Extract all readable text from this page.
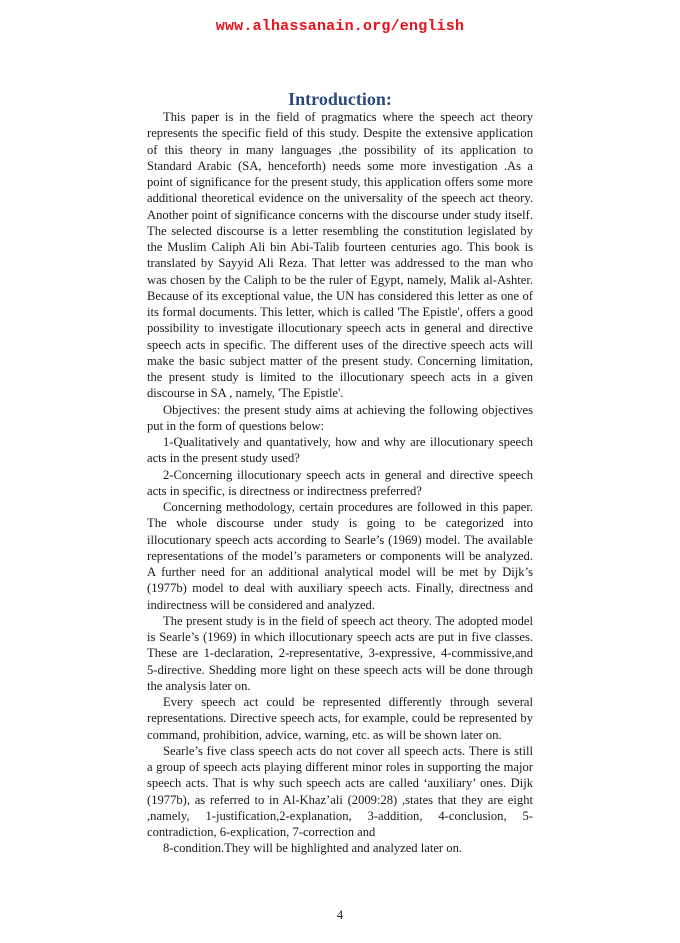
www.alhassanain.org/english
Introduction:

This paper is in the field of pragmatics where the speech act theory represents the specific field of this study. Despite the extensive application of this theory in many languages ,the possibility of its application to Standard Arabic (SA, henceforth) needs some more investigation .As a point of significance for the present study, this application offers some more additional theoretical evidence on the universality of the speech act theory. Another point of significance concerns with the discourse under study itself. The selected discourse is a letter resembling the constitution legislated by the Muslim Caliph Ali bin Abi-Talib fourteen centuries ago. This book is translated by Sayyid Ali Reza. That letter was addressed to the man who was chosen by the Caliph to be the ruler of Egypt, namely, Malik al-Ashter. Because of its exceptional value, the UN has considered this letter as one of its formal documents. This letter, which is called 'The Epistle', offers a good possibility to investigate illocutionary speech acts in general and directive speech acts in specific. The different uses of the directive speech acts will make the basic subject matter of the present study. Concerning limitation, the present study is limited to the illocutionary speech acts in a given discourse in SA , namely, 'The Epistle'.

Objectives: the present study aims at achieving the following objectives put in the form of questions below:

1-Qualitatively and quantatively, how and why are illocutionary speech acts in the present study used?

2-Concerning illocutionary speech acts in general and directive speech acts in specific, is directness or indirectness preferred?

Concerning methodology, certain procedures are followed in this paper. The whole discourse under study is going to be categorized into illocutionary speech acts according to Searle’s (1969) model. The available representations of the model’s parameters or components will be analyzed. A further need for an additional analytical model will be met by Dijk’s (1977b) model to deal with auxiliary speech acts. Finally, directness and indirectness will be considered and analyzed.

The present study is in the field of speech act theory. The adopted model is Searle’s (1969) in which illocutionary speech acts are put in five classes. These are 1-declaration, 2-representative, 3-expressive, 4-commissive,and 5-directive. Shedding more light on these speech acts will be done through the analysis later on.

Every speech act could be represented differently through several representations. Directive speech acts, for example, could be represented by command, prohibition, advice, warning, etc. as will be shown later on.

Searle’s five class speech acts do not cover all speech acts. There is still a group of speech acts playing different minor roles in supporting the major speech acts. That is why such speech acts are called ‘auxiliary’ ones. Dijk (1977b), as referred to in Al-Khaz’ali (2009:28) ,states that they are eight ,namely, 1-justification,2-explanation, 3-addition, 4-conclusion, 5-contradiction, 6-explication, 7-correction and

8-condition.They will be highlighted and analyzed later on.

4
